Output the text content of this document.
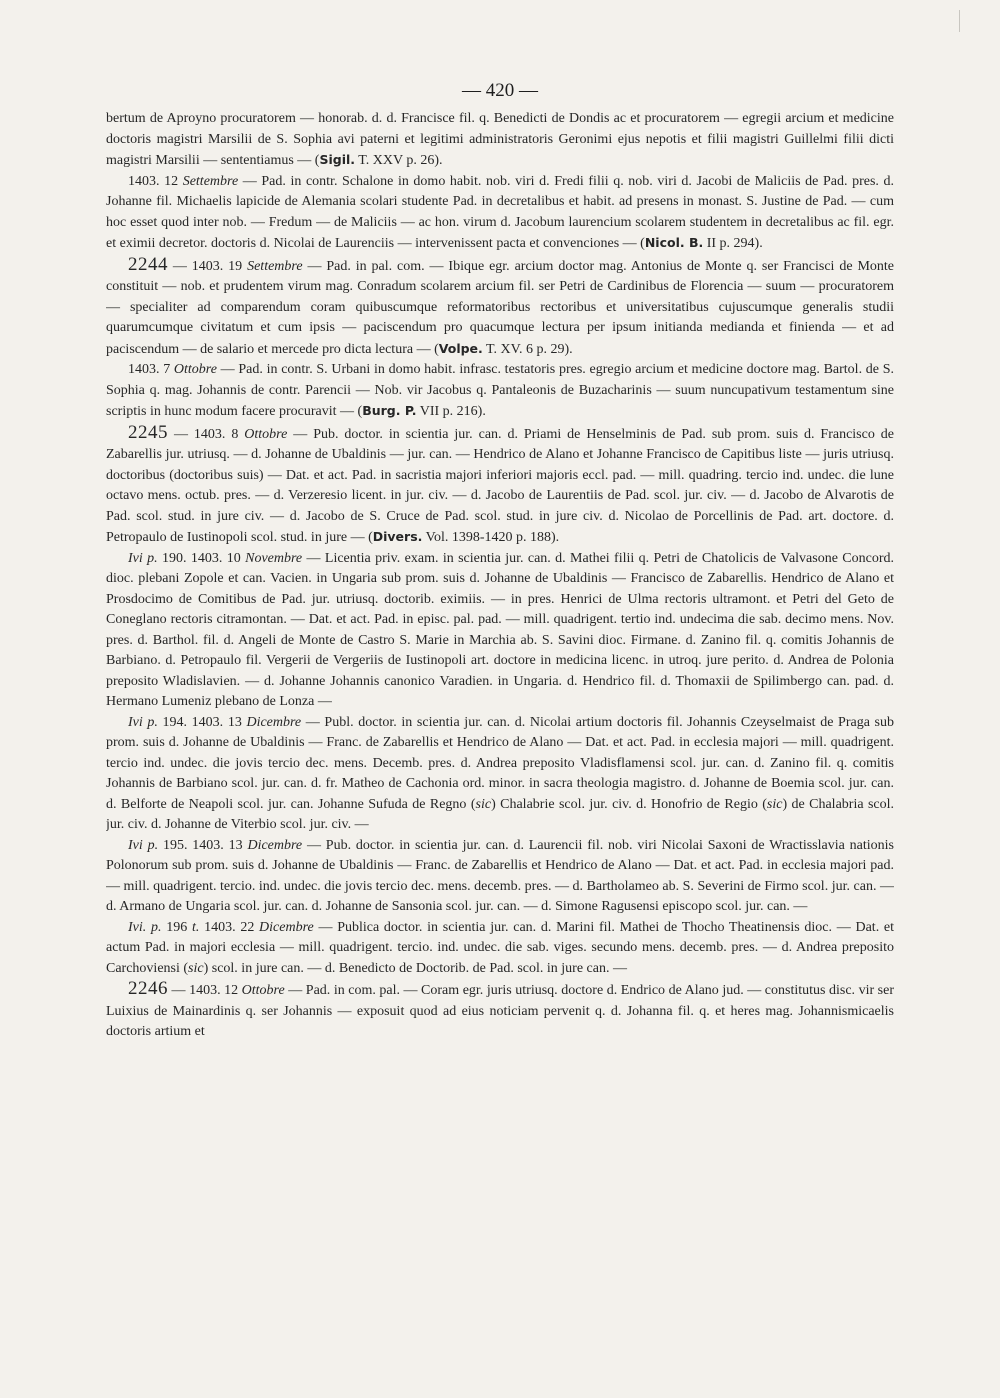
— 420 —

bertum de Aproyno procuratorem — honorab. d. d. Francisce fil. q. Benedicti de Dondis ac et procuratorem — egregii arcium et medicine doctoris magistri Marsilii de S. Sophia avi paterni et legitimi administratoris Geronimi ejus nepotis et filii magistri Guillelmi filii dicti magistri Marsilii — sententiamus — (Sigil. T. XXV p. 26).

1403. 12 Settembre — Pad. in contr. Schalone in domo habit. nob. viri d. Fredi filii q. nob. viri d. Jacobi de Maliciis de Pad. pres. d. Johanne fil. Michaelis lapicide de Alemania scolari studente Pad. in decretalibus et habit. ad presens in monast. S. Justine de Pad. — cum hoc esset quod inter nob. — Fredum — de Maliciis — ac hon. virum d. Jacobum laurencium scolarem studentem in decretalibus ac fil. egr. et eximii decretor. doctoris d. Nicolai de Laurenciis — intervenissent pacta et convenciones — (Nicol. B. II p. 294).

2244 — 1403. 19 Settembre — Pad. in pal. com. — Ibique egr. arcium doctor mag. Antonius de Monte q. ser Francisci de Monte constituit — nob. et prudentem virum mag. Conradum scolarem arcium fil. ser Petri de Cardinibus de Florencia — suum — procuratorem — specialiter ad comparendum coram quibuscumque reformatoribus rectoribus et universitatibus cujuscumque generalis studii quarumcumque civitatum et cum ipsis — paciscendum pro quacumque lectura per ipsum initianda medianda et finienda — et ad paciscendum — de salario et mercede pro dicta lectura — (Volpe. T. XV. 6 p. 29).

1403. 7 Ottobre — Pad. in contr. S. Urbani in domo habit. infrasc. testatoris pres. egregio arcium et medicine doctore mag. Bartol. de S. Sophia q. mag. Johannis de contr. Parencii — Nob. vir Jacobus q. Pantaleonis de Buzacharinis — suum nuncupativum testamentum sine scriptis in hunc modum facere procuravit — (Burg. P. VII p. 216).

2245 — 1403. 8 Ottobre — Pub. doctor. in scientia jur. can. d. Priami de Henselminis de Pad. sub prom. suis d. Francisco de Zabarellis jur. utriusq. — d. Johanne de Ubaldinis — jur. can. — Hendrico de Alano et Johanne Francisco de Capitibus liste — juris utriusq. doctoribus (doctoribus suis) — Dat. et act. Pad. in sacristia majori inferiori majoris eccl. pad. — mill. quadring. tercio ind. undec. die lune octavo mens. octub. pres. — d. Verzeresio licent. in jur. civ. — d. Jacobo de Laurentiis de Pad. scol. jur. civ. — d. Jacobo de Alvarotis de Pad. scol. stud. in jure civ. — d. Jacobo de S. Cruce de Pad. scol. stud. in jure civ. d. Nicolao de Porcellinis de Pad. art. doctore. d. Petropaulo de Iustinopoli scol. stud. in jure — (Divers. Vol. 1398-1420 p. 188).

Ivi p. 190. 1403. 10 Novembre — Licentia priv. exam. in scientia jur. can. d. Mathei filii q. Petri de Chatolicis de Valvasone Concord. dioc. plebani Zopole et can. Vacien. in Ungaria sub prom. suis d. Johanne de Ubaldinis — Francisco de Zabarellis. Hendrico de Alano et Prosdocimo de Comitibus de Pad. jur. utriusq. doctorib. eximiis. — in pres. Henrici de Ulma rectoris ultramont. et Petri del Geto de Coneglano rectoris citramontan. — Dat. et act. Pad. in episc. pal. pad. — mill. quadrigent. tertio ind. undecima die sab. decimo mens. Nov. pres. d. Barthol. fil. d. Angeli de Monte de Castro S. Marie in Marchia ab. S. Savini dioc. Firmane. d. Zanino fil. q. comitis Johannis de Barbiano. d. Petropaulo fil. Vergerii de Vergeriis de Iustinopoli art. doctore in medicina licenc. in utroq. jure perito. d. Andrea de Polonia preposito Wladislavien. — d. Johanne Johannis canonico Varadien. in Ungaria. d. Hendrico fil. d. Thomaxii de Spilimbergo can. pad. d. Hermano Lumeniz plebano de Lonza —

Ivi p. 194. 1403. 13 Dicembre — Publ. doctor. in scientia jur. can. d. Nicolai artium doctoris fil. Johannis Czeyselmaist de Praga sub prom. suis d. Johanne de Ubaldinis — Franc. de Zabarellis et Hendrico de Alano — Dat. et act. Pad. in ecclesia majori — mill. quadrigent. tercio ind. undec. die jovis tercio dec. mens. Decemb. pres. d. Andrea preposito Vladisflamensi scol. jur. can. d. Zanino fil. q. comitis Johannis de Barbiano scol. jur. can. d. fr. Matheo de Cachonia ord. minor. in sacra theologia magistro. d. Johanne de Boemia scol. jur. can. d. Belforte de Neapoli scol. jur. can. Johanne Sufuda de Regno (sic) Chalabrie scol. jur. civ. d. Honofrio de Regio (sic) de Chalabria scol. jur. civ. d. Johanne de Viterbio scol. jur. civ. —

Ivi p. 195. 1403. 13 Dicembre — Pub. doctor. in scientia jur. can. d. Laurencii fil. nob. viri Nicolai Saxoni de Wractisslavia nationis Polonorum sub prom. suis d. Johanne de Ubaldinis — Franc. de Zabarellis et Hendrico de Alano — Dat. et act. Pad. in ecclesia majori pad. — mill. quadrigent. tercio. ind. undec. die jovis tercio dec. mens. decemb. pres. — d. Bartholameo ab. S. Severini de Firmo scol. jur. can. — d. Armano de Ungaria scol. jur. can. d. Johanne de Sansonia scol. jur. can. — d. Simone Ragusensi episcopo scol. jur. can. —

Ivi. p. 196 t. 1403. 22 Dicembre — Publica doctor. in scientia jur. can. d. Marini fil. Mathei de Thocho Theatinensis dioc. — Dat. et actum Pad. in majori ecclesia — mill. quadrigent. tercio. ind. undec. die sab. viges. secundo mens. decemb. pres. — d. Andrea preposito Carchoviensi (sic) scol. in jure can. — d. Benedicto de Doctorib. de Pad. scol. in jure can. —

2246 — 1403. 12 Ottobre — Pad. in com. pal. — Coram egr. juris utriusq. doctore d. Endrico de Alano jud. — constitutus disc. vir ser Luixius de Mainardinis q. ser Johannis — exposuit quod ad eius noticiam pervenit q. d. Johanna fil. q. et heres mag. Johannismicaelis doctoris artium et
